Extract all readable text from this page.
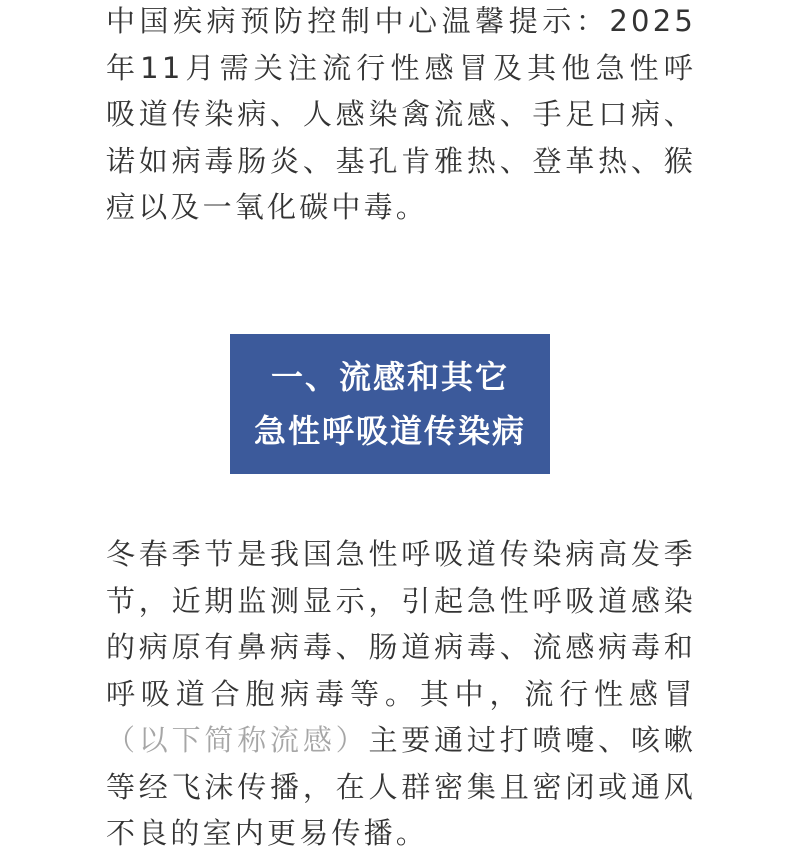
中国疾病预防控制中心温馨提示：2025年11月需关注流行性感冒及其他急性呼吸道传染病、人感染禽流感、手足口病、诺如病毒肠炎、基孔肯雅热、登革热、猴痘以及一氧化碳中毒。

一、流感和其它
急性呼吸道传染病

冬春季节是我国急性呼吸道传染病高发季节，近期监测显示，引起急性呼吸道感染的病原有鼻病毒、肠道病毒、流感病毒和呼吸道合胞病毒等。其中，流行性感冒（以下简称流感）主要通过打喷嚏、咳嗽等经飞沫传播，在人群密集且密闭或通风不良的室内更易传播。
